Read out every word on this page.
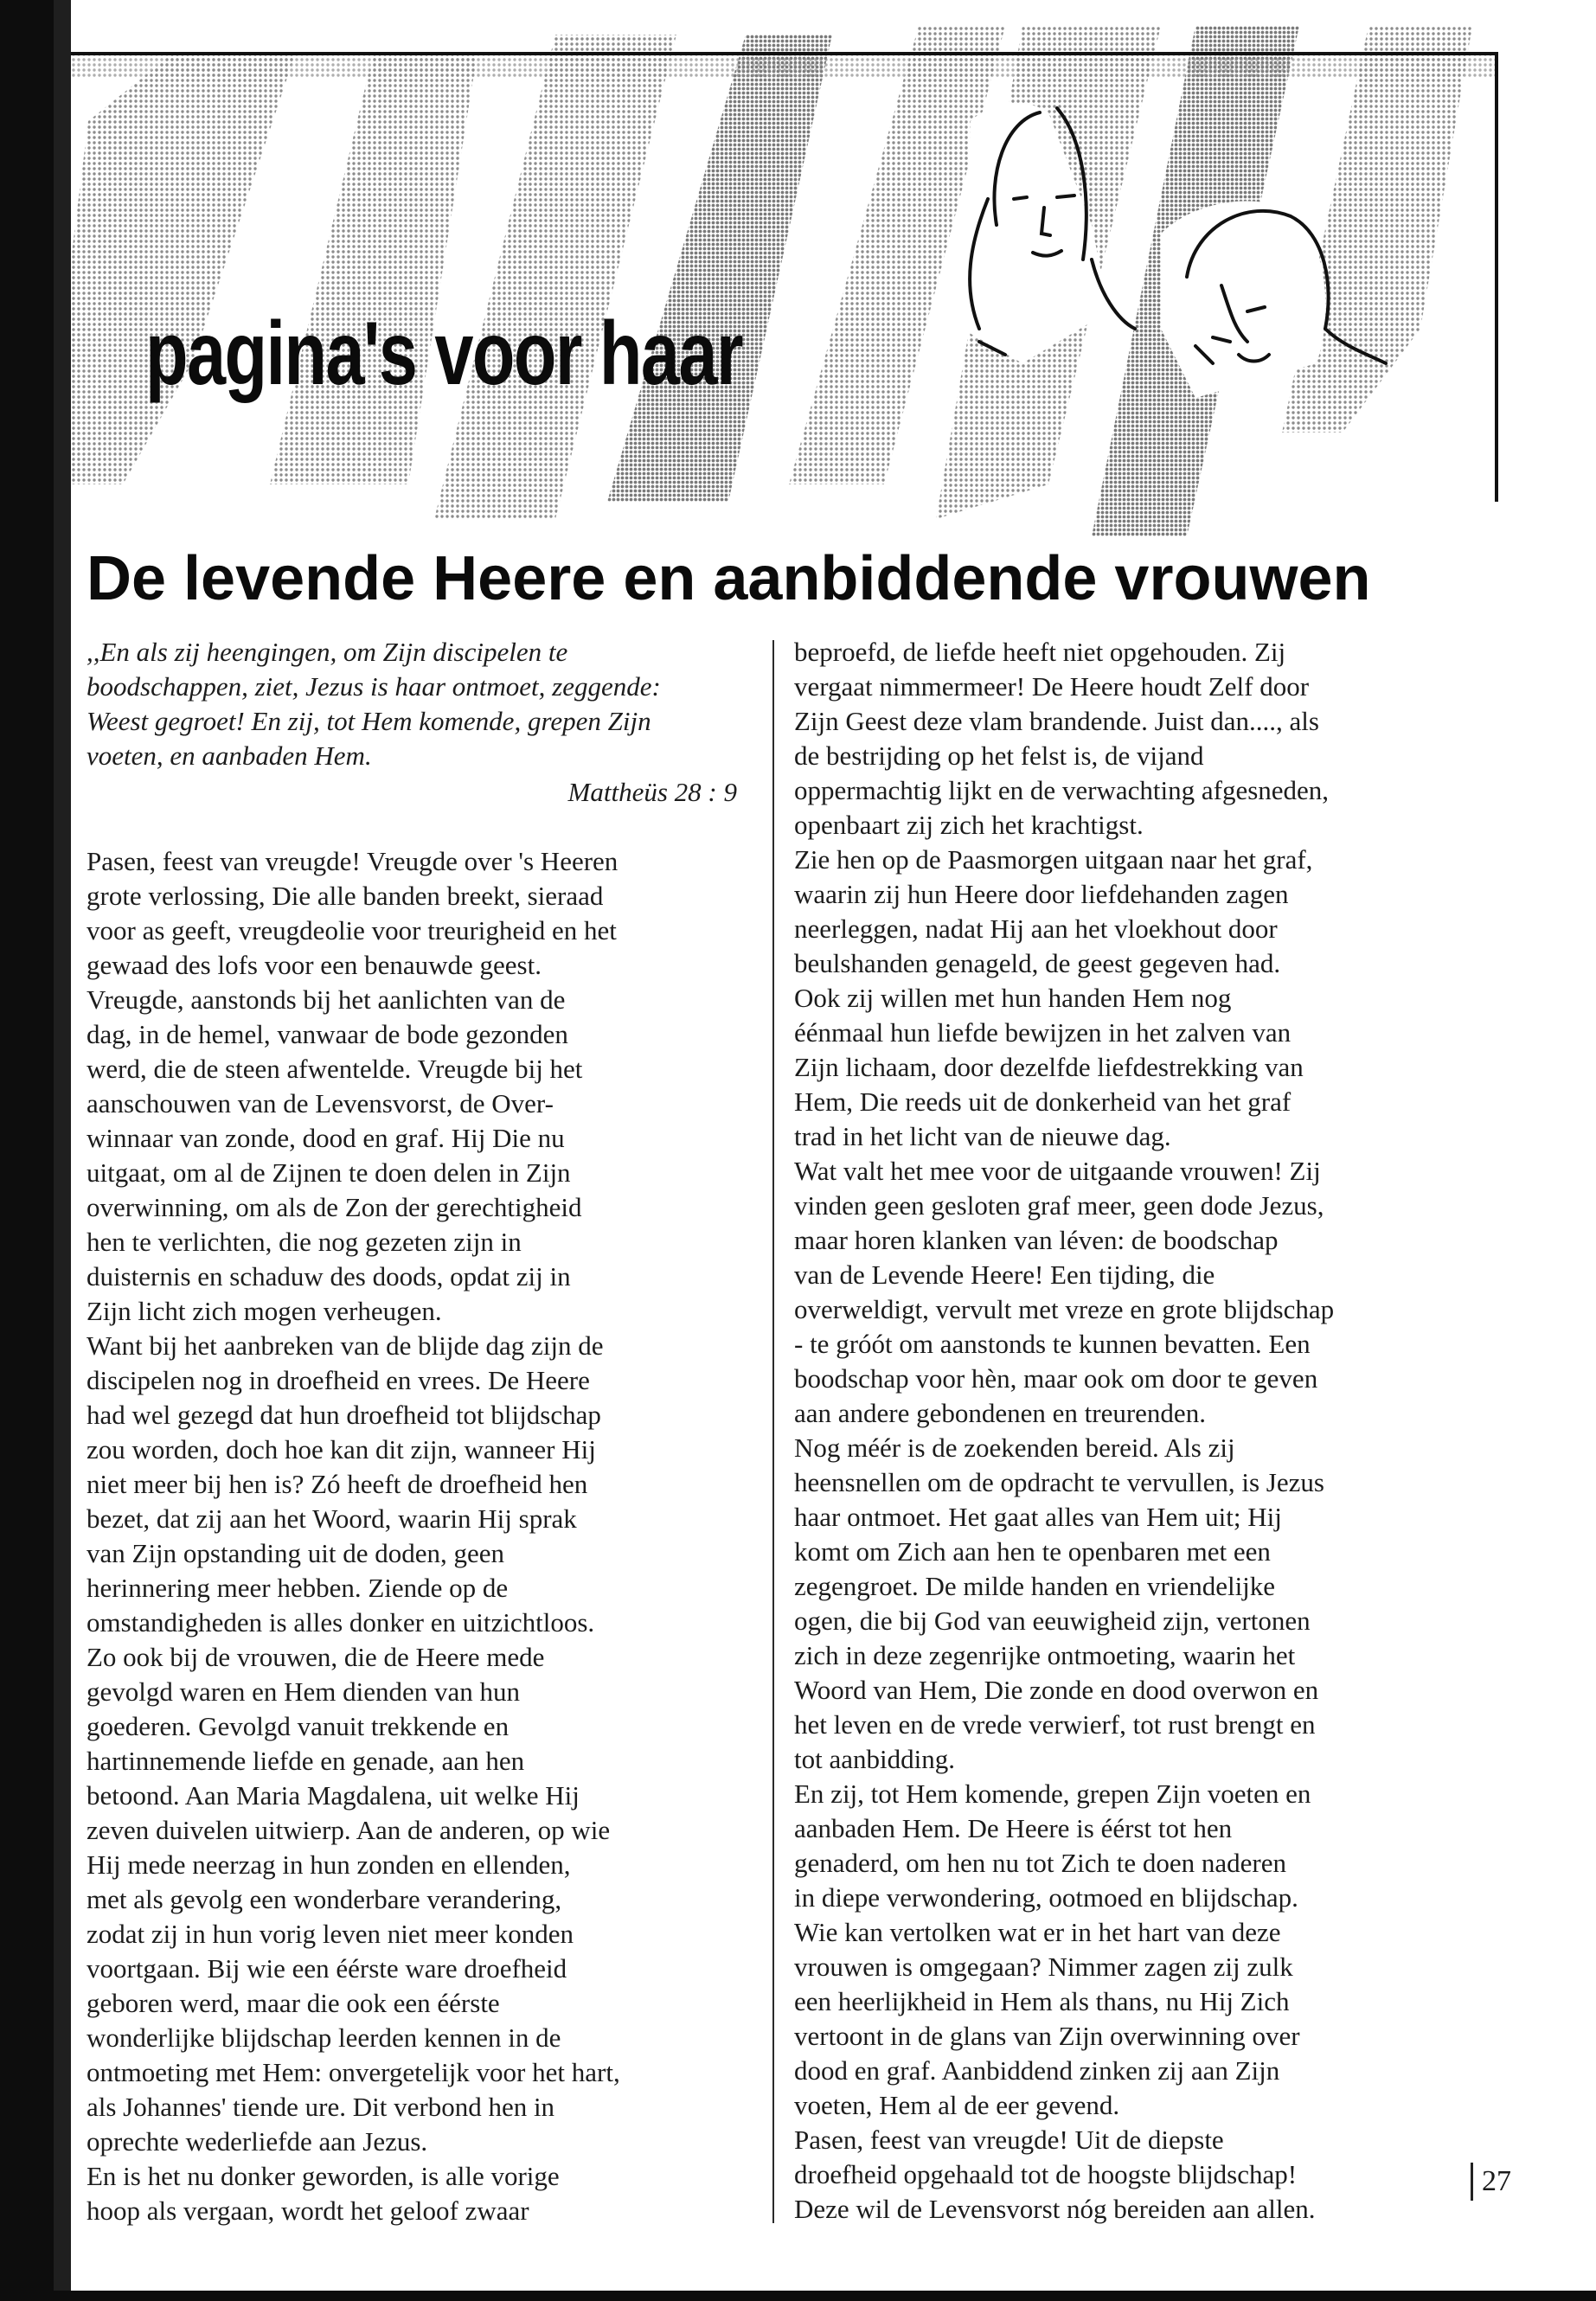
pagina's voor haar
De levende Heere en aanbiddende vrouwen

,,En als zij heengingen, om Zijn discipelen te
boodschappen, ziet, Jezus is haar ontmoet, zeggende:
Weest gegroet! En zij, tot Hem komende, grepen Zijn
voeten, en aanbaden Hem.

Mattheüs 28 : 9

Pasen, feest van vreugde! Vreugde over 's Heeren
grote verlossing, Die alle banden breekt, sieraad
voor as geeft, vreugdeolie voor treurigheid en het
gewaad des lofs voor een benauwde geest.
Vreugde, aanstonds bij het aanlichten van de
dag, in de hemel, vanwaar de bode gezonden
werd, die de steen afwentelde. Vreugde bij het
aanschouwen van de Levensvorst, de Over-
winnaar van zonde, dood en graf. Hij Die nu
uitgaat, om al de Zijnen te doen delen in Zijn
overwinning, om als de Zon der gerechtigheid
hen te verlichten, die nog gezeten zijn in
duisternis en schaduw des doods, opdat zij in
Zijn licht zich mogen verheugen.
Want bij het aanbreken van de blijde dag zijn de
discipelen nog in droefheid en vrees. De Heere
had wel gezegd dat hun droefheid tot blijdschap
zou worden, doch hoe kan dit zijn, wanneer Hij
niet meer bij hen is? Zó heeft de droefheid hen
bezet, dat zij aan het Woord, waarin Hij sprak
van Zijn opstanding uit de doden, geen
herinnering meer hebben. Ziende op de
omstandigheden is alles donker en uitzichtloos.
Zo ook bij de vrouwen, die de Heere mede
gevolgd waren en Hem dienden van hun
goederen. Gevolgd vanuit trekkende en
hartinnemende liefde en genade, aan hen
betoond. Aan Maria Magdalena, uit welke Hij
zeven duivelen uitwierp. Aan de anderen, op wie
Hij mede neerzag in hun zonden en ellenden,
met als gevolg een wonderbare verandering,
zodat zij in hun vorig leven niet meer konden
voortgaan. Bij wie een éérste ware droefheid
geboren werd, maar die ook een éérste
wonderlijke blijdschap leerden kennen in de
ontmoeting met Hem: onvergetelijk voor het hart,
als Johannes' tiende ure. Dit verbond hen in
oprechte wederliefde aan Jezus.
En is het nu donker geworden, is alle vorige
hoop als vergaan, wordt het geloof zwaar

beproefd, de liefde heeft niet opgehouden. Zij
vergaat nimmermeer! De Heere houdt Zelf door
Zijn Geest deze vlam brandende. Juist dan...., als
de bestrijding op het felst is, de vijand
oppermachtig lijkt en de verwachting afgesneden,
openbaart zij zich het krachtigst.
Zie hen op de Paasmorgen uitgaan naar het graf,
waarin zij hun Heere door liefdehanden zagen
neerleggen, nadat Hij aan het vloekhout door
beulshanden genageld, de geest gegeven had.
Ook zij willen met hun handen Hem nog
éénmaal hun liefde bewijzen in het zalven van
Zijn lichaam, door dezelfde liefdestrekking van
Hem, Die reeds uit de donkerheid van het graf
trad in het licht van de nieuwe dag.
Wat valt het mee voor de uitgaande vrouwen! Zij
vinden geen gesloten graf meer, geen dode Jezus,
maar horen klanken van léven: de boodschap
van de Levende Heere! Een tijding, die
overweldigt, vervult met vreze en grote blijdschap
- te gróót om aanstonds te kunnen bevatten. Een
boodschap voor hèn, maar ook om door te geven
aan andere gebondenen en treurenden.
Nog méér is de zoekenden bereid. Als zij
heensnellen om de opdracht te vervullen, is Jezus
haar ontmoet. Het gaat alles van Hem uit; Hij
komt om Zich aan hen te openbaren met een
zegengroet. De milde handen en vriendelijke
ogen, die bij God van eeuwigheid zijn, vertonen
zich in deze zegenrijke ontmoeting, waarin het
Woord van Hem, Die zonde en dood overwon en
het leven en de vrede verwierf, tot rust brengt en
tot aanbidding.
En zij, tot Hem komende, grepen Zijn voeten en
aanbaden Hem. De Heere is éérst tot hen
genaderd, om hen nu tot Zich te doen naderen
in diepe verwondering, ootmoed en blijdschap.
Wie kan vertolken wat er in het hart van deze
vrouwen is omgegaan? Nimmer zagen zij zulk
een heerlijkheid in Hem als thans, nu Hij Zich
vertoont in de glans van Zijn overwinning over
dood en graf. Aanbiddend zinken zij aan Zijn
voeten, Hem al de eer gevend.
Pasen, feest van vreugde! Uit de diepste
droefheid opgehaald tot de hoogste blijdschap!
Deze wil de Levensvorst nóg bereiden aan allen.

27
